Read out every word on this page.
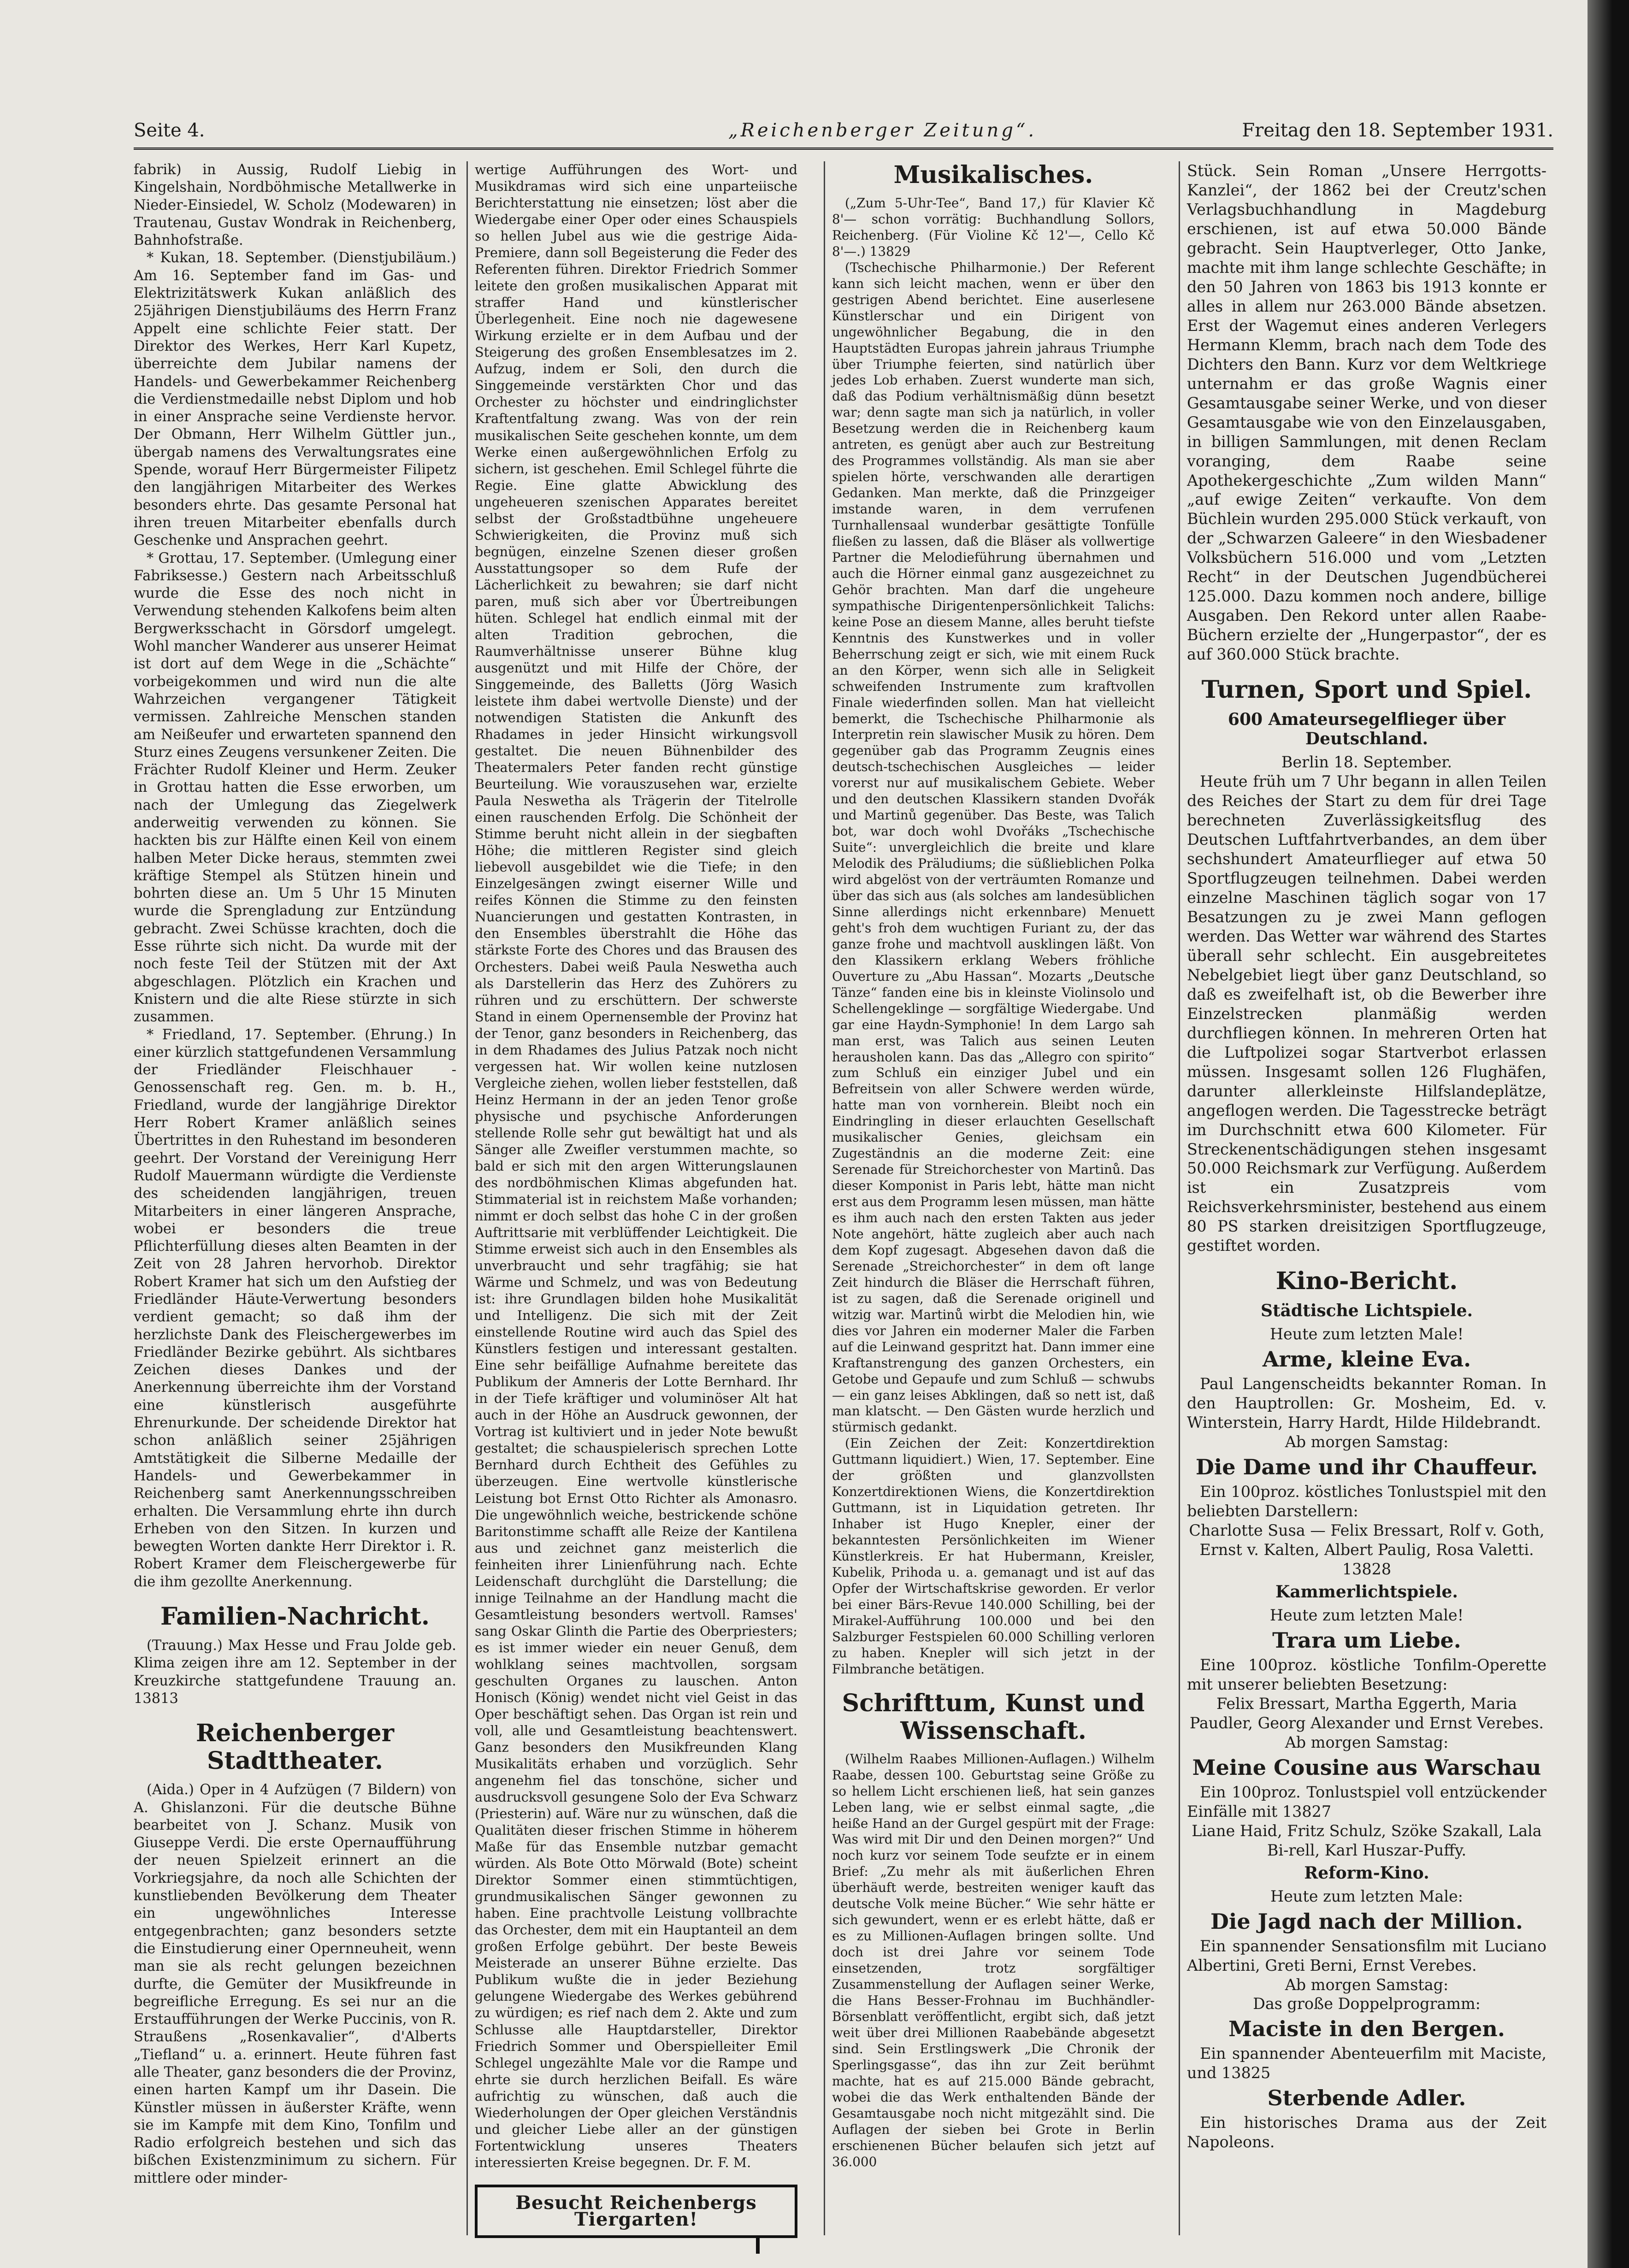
Seite 4.	„Reichenberger Zeitung“.	Freitag den 18. September 1931.

fabrik) in Aussig, Rudolf Liebig in Kingelshain, Nordböhmische Metallwerke in Nieder-Einsiedel, W. Scholz (Modewaren) in Trautenau, Gustav Wondrak in Reichenberg, Bahnhofstraße.

* Kukan, 18. September. (Dienstjubiläum.) Am 16. September fand im Gas- und Elektrizitätswerk Kukan anläßlich des 25jährigen Dienstjubiläums des Herrn Franz Appelt eine schlichte Feier statt. Der Direktor des Werkes, Herr Karl Kupetz, überreichte dem Jubilar namens der Handels- und Gewerbekammer Reichenberg die Verdienstmedaille nebst Diplom und hob in einer Ansprache seine Verdienste hervor. Der Obmann, Herr Wilhelm Güttler jun., übergab namens des Verwaltungsrates eine Spende, worauf Herr Bürgermeister Filipetz den langjährigen Mitarbeiter des Werkes besonders ehrte. Das gesamte Personal hat ihren treuen Mitarbeiter ebenfalls durch Geschenke und Ansprachen geehrt.

* Grottau, 17. September. (Umlegung einer Fabriksesse.) Gestern nach Arbeitsschluß wurde die Esse des noch nicht in Verwendung stehenden Kalkofens beim alten Bergwerksschacht in Görsdorf umgelegt. Wohl mancher Wanderer aus unserer Heimat ist dort auf dem Wege in die „Schächte“ vorbeigekommen und wird nun die alte Wahrzeichen vergangener Tätigkeit vermissen. Zahlreiche Menschen standen am Neißeufer und erwarteten spannend den Sturz eines Zeugens versunkener Zeiten. Die Frächter Rudolf Kleiner und Herm. Zeuker in Grottau hatten die Esse erworben, um nach der Umlegung das Ziegelwerk anderweitig verwenden zu können. Sie hackten bis zur Hälfte einen Keil von einem halben Meter Dicke heraus, stemmten zwei kräftige Stempel als Stützen hinein und bohrten diese an. Um 5 Uhr 15 Minuten wurde die Sprengladung zur Entzündung gebracht. Zwei Schüsse krachten, doch die Esse rührte sich nicht. Da wurde mit der noch feste Teil der Stützen mit der Axt abgeschlagen. Plötzlich ein Krachen und Knistern und die alte Riese stürzte in sich zusammen.

* Friedland, 17. September. (Ehrung.) In einer kürzlich stattgefundenen Versammlung der Friedländer Fleischhauer - Genossenschaft reg. Gen. m. b. H., Friedland, wurde der langjährige Direktor Herr Robert Kramer anläßlich seines Übertrittes in den Ruhestand im besonderen geehrt. Der Vorstand der Vereinigung Herr Rudolf Mauermann würdigte die Verdienste des scheidenden langjährigen, treuen Mitarbeiters in einer längeren Ansprache, wobei er besonders die treue Pflichterfüllung dieses alten Beamten in der Zeit von 28 Jahren hervorhob. Direktor Robert Kramer hat sich um den Aufstieg der Friedländer Häute-Verwertung besonders verdient gemacht; so daß ihm der herzlichste Dank des Fleischergewerbes im Friedländer Bezirke gebührt. Als sichtbares Zeichen dieses Dankes und der Anerkennung überreichte ihm der Vorstand eine künstlerisch ausgeführte Ehrenurkunde. Der scheidende Direktor hat schon anläßlich seiner 25jährigen Amtstätigkeit die Silberne Medaille der Handels- und Gewerbekammer in Reichenberg samt Anerkennungsschreiben erhalten. Die Versammlung ehrte ihn durch Erheben von den Sitzen. In kurzen und bewegten Worten dankte Herr Direktor i. R. Robert Kramer dem Fleischergewerbe für die ihm gezollte Anerkennung.

Familien-Nachricht.

(Trauung.) Max Hesse und Frau Jolde geb. Klima zeigen ihre am 12. September in der Kreuzkirche stattgefundene Trauung an. 13813

Reichenberger Stadttheater.

(Aida.) Oper in 4 Aufzügen (7 Bildern) von A. Ghislanzoni. Für die deutsche Bühne bearbeitet von J. Schanz. Musik von Giuseppe Verdi. Die erste Opernaufführung der neuen Spielzeit erinnert an die Vorkriegsjahre, da noch alle Schichten der kunstliebenden Bevölkerung dem Theater ein ungewöhnliches Interesse entgegenbrachten; ganz besonders setzte die Einstudierung einer Opernneuheit, wenn man sie als recht gelungen bezeichnen durfte, die Gemüter der Musikfreunde in begreifliche Erregung. Es sei nur an die Erstaufführungen der Werke Puccinis, von R. Straußens „Rosenkavalier“, d'Alberts „Tiefland“ u. a. erinnert. Heute führen fast alle Theater, ganz besonders die der Provinz, einen harten Kampf um ihr Dasein. Die Künstler müssen in äußerster Kräfte, wenn sie im Kampfe mit dem Kino, Tonfilm und Radio erfolgreich bestehen und sich das bißchen Existenzminimum zu sichern. Für mittlere oder minder-

wertige Aufführungen des Wort- und Musikdramas wird sich eine unparteiische Berichterstattung nie einsetzen; löst aber die Wiedergabe einer Oper oder eines Schauspiels so hellen Jubel aus wie die gestrige Aida-Premiere, dann soll Begeisterung die Feder des Referenten führen. Direktor Friedrich Sommer leitete den großen musikalischen Apparat mit straffer Hand und künstlerischer Überlegenheit. Eine noch nie dagewesene Wirkung erzielte er in dem Aufbau und der Steigerung des großen Ensemblesatzes im 2. Aufzug, indem er Soli, den durch die Singgemeinde verstärkten Chor und das Orchester zu höchster und eindringlichster Kraftentfaltung zwang. Was von der rein musikalischen Seite geschehen konnte, um dem Werke einen außergewöhnlichen Erfolg zu sichern, ist geschehen. Emil Schlegel führte die Regie. Eine glatte Abwicklung des ungeheueren szenischen Apparates bereitet selbst der Großstadtbühne ungeheuere Schwierigkeiten, die Provinz muß sich begnügen, einzelne Szenen dieser großen Ausstattungsoper so dem Rufe der Lächerlichkeit zu bewahren; sie darf nicht paren, muß sich aber vor Übertreibungen hüten. Schlegel hat endlich einmal mit der alten Tradition gebrochen, die Raumverhältnisse unserer Bühne klug ausgenützt und mit Hilfe der Chöre, der Singgemeinde, des Balletts (Jörg Wasich leistete ihm dabei wertvolle Dienste) und der notwendigen Statisten die Ankunft des Rhadames in jeder Hinsicht wirkungsvoll gestaltet. Die neuen Bühnenbilder des Theatermalers Peter fanden recht günstige Beurteilung. Wie vorauszusehen war, erzielte Paula Neswetha als Trägerin der Titelrolle einen rauschenden Erfolg. Die Schönheit der Stimme beruht nicht allein in der siegbaften Höhe; die mittleren Register sind gleich liebevoll ausgebildet wie die Tiefe; in den Einzelgesängen zwingt eiserner Wille und reifes Können die Stimme zu den feinsten Nuancierungen und gestatten Kontrasten, in den Ensembles überstrahlt die Höhe das stärkste Forte des Chores und das Brausen des Orchesters. Dabei weiß Paula Neswetha auch als Darstellerin das Herz des Zuhörers zu rühren und zu erschüttern. Der schwerste Stand in einem Opernensemble der Provinz hat der Tenor, ganz besonders in Reichenberg, das in dem Rhadames des Julius Patzak noch nicht vergessen hat. Wir wollen keine nutzlosen Vergleiche ziehen, wollen lieber feststellen, daß Heinz Hermann in der an jeden Tenor große physische und psychische Anforderungen stellende Rolle sehr gut bewältigt hat und als Sänger alle Zweifler verstummen machte, so bald er sich mit den argen Witterungslaunen des nordböhmischen Klimas abgefunden hat. Stimmaterial ist in reichstem Maße vorhanden; nimmt er doch selbst das hohe C in der großen Auftrittsarie mit verblüffender Leichtigkeit. Die Stimme erweist sich auch in den Ensembles als unverbraucht und sehr tragfähig; sie hat Wärme und Schmelz, und was von Bedeutung ist: ihre Grundlagen bilden hohe Musikalität und Intelligenz. Die sich mit der Zeit einstellende Routine wird auch das Spiel des Künstlers festigen und interessant gestalten. Eine sehr beifällige Aufnahme bereitete das Publikum der Amneris der Lotte Bernhard. Ihr in der Tiefe kräftiger und voluminöser Alt hat auch in der Höhe an Ausdruck gewonnen, der Vortrag ist kultiviert und in jeder Note bewußt gestaltet; die schauspielerisch sprechen Lotte Bernhard durch Echtheit des Gefühles zu überzeugen. Eine wertvolle künstlerische Leistung bot Ernst Otto Richter als Amonasro. Die ungewöhnlich weiche, bestrickende schöne Baritonstimme schafft alle Reize der Kantilena aus und zeichnet ganz meisterlich die feinheiten ihrer Linienführung nach. Echte Leidenschaft durchglüht die Darstellung; die innige Teilnahme an der Handlung macht die Gesamtleistung besonders wertvoll. Ramses' sang Oskar Glinth die Partie des Oberpriesters; es ist immer wieder ein neuer Genuß, dem wohlklang seines machtvollen, sorgsam geschulten Organes zu lauschen. Anton Honisch (König) wendet nicht viel Geist in das Oper beschäftigt sehen. Das Organ ist rein und voll, alle und Gesamtleistung beachtenswert. Ganz besonders den Musikfreunden Klang Musikalitäts erhaben und vorzüglich. Sehr angenehm fiel das tonschöne, sicher und ausdrucksvoll gesungene Solo der Eva Schwarz (Priesterin) auf. Wäre nur zu wünschen, daß die Qualitäten dieser frischen Stimme in höherem Maße für das Ensemble nutzbar gemacht würden. Als Bote Otto Mörwald (Bote) scheint Direktor Sommer einen stimmtüchtigen, grundmusikalischen Sänger gewonnen zu haben. Eine prachtvolle Leistung vollbrachte das Orchester, dem mit ein Hauptanteil an dem großen Erfolge gebührt. Der beste Beweis Meisterade an unserer Bühne erzielte. Das Publikum wußte die in jeder Beziehung gelungene Wiedergabe des Werkes gebührend zu würdigen; es rief nach dem 2. Akte und zum Schlusse alle Hauptdarsteller, Direktor Friedrich Sommer und Oberspielleiter Emil Schlegel ungezählte Male vor die Rampe und ehrte sie durch herzlichen Beifall. Es wäre aufrichtig zu wünschen, daß auch die Wiederholungen der Oper gleichen Verständnis und gleicher Liebe aller an der günstigen Fortentwicklung unseres Theaters interessierten Kreise begegnen. Dr. F. M.

Besucht Reichenbergs Tiergarten!
Musikalisches.

(„Zum 5-Uhr-Tee“, Band 17,) für Klavier Kč 8'— schon vorrätig: Buchhandlung Sollors, Reichenberg. (Für Violine Kč 12'—, Cello Kč 8'—.) 13829

(Tschechische Philharmonie.) Der Referent kann sich leicht machen, wenn er über den gestrigen Abend berichtet. Eine auserlesene Künstlerschar und ein Dirigent von ungewöhnlicher Begabung, die in den Hauptstädten Europas jahrein jahraus Triumphe über Triumphe feierten, sind natürlich über jedes Lob erhaben. Zuerst wunderte man sich, daß das Podium verhältnismäßig dünn besetzt war; denn sagte man sich ja natürlich, in voller Besetzung werden die in Reichenberg kaum antreten, es genügt aber auch zur Bestreitung des Programmes vollständig. Als man sie aber spielen hörte, verschwanden alle derartigen Gedanken. Man merkte, daß die Prinzgeiger imstande waren, in dem verrufenen Turnhallensaal wunderbar gesättigte Tonfülle fließen zu lassen, daß die Bläser als vollwertige Partner die Melodieführung übernahmen und auch die Hörner einmal ganz ausgezeichnet zu Gehör brachten. Man darf die ungeheure sympathische Dirigentenpersönlichkeit Talichs: keine Pose an diesem Manne, alles beruht tiefste Kenntnis des Kunstwerkes und in voller Beherrschung zeigt er sich, wie mit einem Ruck an den Körper, wenn sich alle in Seligkeit schweifenden Instrumente zum kraftvollen Finale wiederfinden sollen. Man hat vielleicht bemerkt, die Tschechische Philharmonie als Interpretin rein slawischer Musik zu hören. Dem gegenüber gab das Programm Zeugnis eines deutsch-tschechischen Ausgleiches — leider vorerst nur auf musikalischem Gebiete. Weber und den deutschen Klassikern standen Dvořák und Martinů gegenüber. Das Beste, was Talich bot, war doch wohl Dvořáks „Tschechische Suite“: unvergleichlich die breite und klare Melodik des Präludiums; die süßlieblichen Polka wird abgelöst von der verträumten Romanze und über das sich aus (als solches am landesüblichen Sinne allerdings nicht erkennbare) Menuett geht's froh dem wuchtigen Furiant zu, der das ganze frohe und machtvoll ausklingen läßt. Von den Klassikern erklang Webers fröhliche Ouverture zu „Abu Hassan“. Mozarts „Deutsche Tänze“ fanden eine bis in kleinste Violinsolo und Schellengeklinge — sorgfältige Wiedergabe. Und gar eine Haydn-Symphonie! In dem Largo sah man erst, was Talich aus seinen Leuten herausholen kann. Das das „Allegro con spirito“ zum Schluß ein einziger Jubel und ein Befreitsein von aller Schwere werden würde, hatte man von vornherein. Bleibt noch ein Eindringling in dieser erlauchten Gesellschaft musikalischer Genies, gleichsam ein Zugeständnis an die moderne Zeit: eine Serenade für Streichorchester von Martinů. Das dieser Komponist in Paris lebt, hätte man nicht erst aus dem Programm lesen müssen, man hätte es ihm auch nach den ersten Takten aus jeder Note angehört, hätte zugleich aber auch nach dem Kopf zugesagt. Abgesehen davon daß die Serenade „Streichorchester“ in dem oft lange Zeit hindurch die Bläser die Herrschaft führen, ist zu sagen, daß die Serenade originell und witzig war. Martinů wirbt die Melodien hin, wie dies vor Jahren ein moderner Maler die Farben auf die Leinwand gespritzt hat. Dann immer eine Kraftanstrengung des ganzen Orchesters, ein Getobe und Gepaufe und zum Schluß — schwubs — ein ganz leises Abklingen, daß so nett ist, daß man klatscht. — Den Gästen wurde herzlich und stürmisch gedankt.

(Ein Zeichen der Zeit: Konzertdirektion Guttmann liquidiert.) Wien, 17. September. Eine der größten und glanzvollsten Konzertdirektionen Wiens, die Konzertdirektion Guttmann, ist in Liquidation getreten. Ihr Inhaber ist Hugo Knepler, einer der bekanntesten Persönlichkeiten im Wiener Künstlerkreis. Er hat Hubermann, Kreisler, Kubelik, Prihoda u. a. gemanagt und ist auf das Opfer der Wirtschaftskrise geworden. Er verlor bei einer Bärs-Revue 140.000 Schilling, bei der Mirakel-Aufführung 100.000 und bei den Salzburger Festspielen 60.000 Schilling verloren zu haben. Knepler will sich jetzt in der Filmbranche betätigen.

Schrifttum, Kunst und Wissenschaft.

(Wilhelm Raabes Millionen-Auflagen.) Wilhelm Raabe, dessen 100. Geburtstag seine Größe zu so hellem Licht erschienen ließ, hat sein ganzes Leben lang, wie er selbst einmal sagte, „die heiße Hand an der Gurgel gespürt mit der Frage: Was wird mit Dir und den Deinen morgen?“ Und noch kurz vor seinem Tode seufzte er in einem Brief: „Zu mehr als mit äußerlichen Ehren überhäuft werde, bestreiten weniger kauft das deutsche Volk meine Bücher.“ Wie sehr hätte er sich gewundert, wenn er es erlebt hätte, daß er es zu Millionen-Auflagen bringen sollte. Und doch ist drei Jahre vor seinem Tode einsetzenden, trotz sorgfältiger Zusammenstellung der Auflagen seiner Werke, die Hans Besser-Frohnau im Buchhändler-Börsenblatt veröffentlicht, ergibt sich, daß jetzt weit über drei Millionen Raabebände abgesetzt sind. Sein Erstlingswerk „Die Chronik der Sperlingsgasse“, das ihn zur Zeit berühmt machte, hat es auf 215.000 Bände gebracht, wobei die das Werk enthaltenden Bände der Gesamtausgabe noch nicht mitgezählt sind. Die Auflagen der sieben bei Grote in Berlin erschienenen Bücher belaufen sich jetzt auf 36.000

Stück. Sein Roman „Unsere Herrgotts-Kanzlei“, der 1862 bei der Creutz'schen Verlagsbuchhandlung in Magdeburg erschienen, ist auf etwa 50.000 Bände gebracht. Sein Hauptverleger, Otto Janke, machte mit ihm lange schlechte Geschäfte; in den 50 Jahren von 1863 bis 1913 konnte er alles in allem nur 263.000 Bände absetzen. Erst der Wagemut eines anderen Verlegers Hermann Klemm, brach nach dem Tode des Dichters den Bann. Kurz vor dem Weltkriege unternahm er das große Wagnis einer Gesamtausgabe seiner Werke, und von dieser Gesamtausgabe wie von den Einzelausgaben, in billigen Sammlungen, mit denen Reclam voranging, dem Raabe seine Apothekergeschichte „Zum wilden Mann“ „auf ewige Zeiten“ verkaufte. Von dem Büchlein wurden 295.000 Stück verkauft, von der „Schwarzen Galeere“ in den Wiesbadener Volksbüchern 516.000 und vom „Letzten Recht“ in der Deutschen Jugendbücherei 125.000. Dazu kommen noch andere, billige Ausgaben. Den Rekord unter allen Raabe-Büchern erzielte der „Hungerpastor“, der es auf 360.000 Stück brachte.

Turnen, Sport und Spiel.
600 Amateursegelflieger über Deutschland.
Berlin 18. September.

Heute früh um 7 Uhr begann in allen Teilen des Reiches der Start zu dem für drei Tage berechneten Zuverlässigkeitsflug des Deutschen Luftfahrtverbandes, an dem über sechshundert Amateurflieger auf etwa 50 Sportflugzeugen teilnehmen. Dabei werden einzelne Maschinen täglich sogar von 17 Besatzungen zu je zwei Mann geflogen werden. Das Wetter war während des Startes überall sehr schlecht. Ein ausgebreitetes Nebelgebiet liegt über ganz Deutschland, so daß es zweifelhaft ist, ob die Bewerber ihre Einzelstrecken planmäßig werden durchfliegen können. In mehreren Orten hat die Luftpolizei sogar Startverbot erlassen müssen. Insgesamt sollen 126 Flughäfen, darunter allerkleinste Hilfslandeplätze, angeflogen werden. Die Tagesstrecke beträgt im Durchschnitt etwa 600 Kilometer. Für Streckenentschädigungen stehen insgesamt 50.000 Reichsmark zur Verfügung. Außerdem ist ein Zusatzpreis vom Reichsverkehrsminister, bestehend aus einem 80 PS starken dreisitzigen Sportflugzeuge, gestiftet worden.

Kino-Bericht.
Städtische Lichtspiele.
Heute zum letzten Male!
Arme, kleine Eva.

Paul Langenscheidts bekannter Roman. In den Hauptrollen: Gr. Mosheim, Ed. v. Winterstein, Harry Hardt, Hilde Hildebrandt.

Ab morgen Samstag:
Die Dame und ihr Chauffeur.

Ein 100proz. köstliches Tonlustspiel mit den beliebten Darstellern:

Charlotte Susa — Felix Bressart, Rolf v. Goth, Ernst v. Kalten, Albert Paulig, Rosa Valetti. 13828

Kammerlichtspiele.
Heute zum letzten Male!
Trara um Liebe.

Eine 100proz. köstliche Tonfilm-Operette mit unserer beliebten Besetzung:

Felix Bressart, Martha Eggerth, Maria Paudler, Georg Alexander und Ernst Verebes.

Ab morgen Samstag:
Meine Cousine aus Warschau

Ein 100proz. Tonlustspiel voll entzückender Einfälle mit 13827

Liane Haid, Fritz Schulz, Szöke Szakall, Lala Bi-rell, Karl Huszar-Puffy.

Reform-Kino.
Heute zum letzten Male:
Die Jagd nach der Million.

Ein spannender Sensationsfilm mit Luciano Albertini, Greti Berni, Ernst Verebes.

Ab morgen Samstag:
Das große Doppelprogramm:
Maciste in den Bergen.

Ein spannender Abenteuerfilm mit Maciste, und 13825

Sterbende Adler.

Ein historisches Drama aus der Zeit Napoleons.
